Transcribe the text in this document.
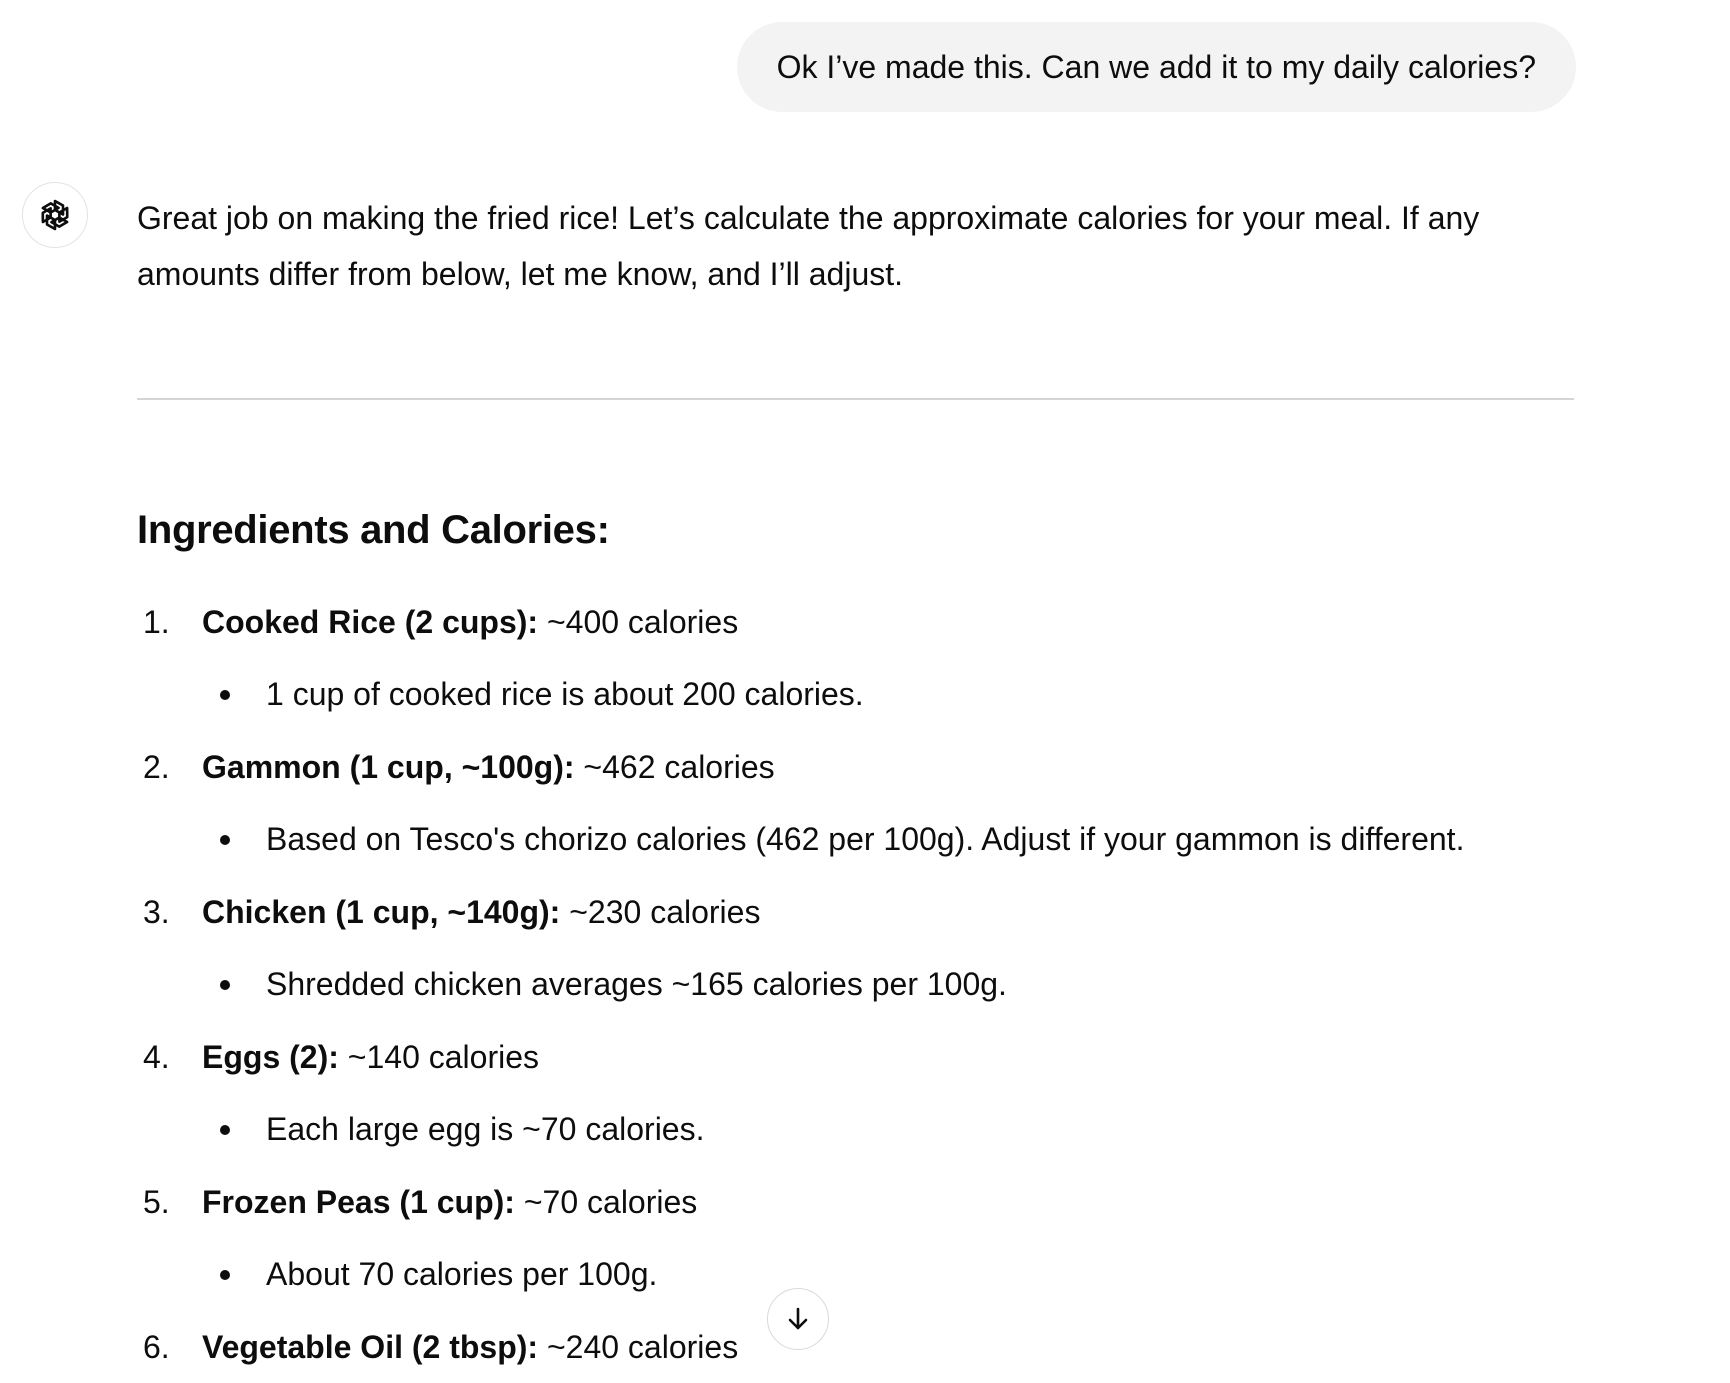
Ok I’ve made this. Can we add it to my daily calories?

Great job on making the fried rice! Let’s calculate the approximate calories for your meal. If any amounts differ from below, let me know, and I’ll adjust.

Ingredients and Calories:
1. Cooked Rice (2 cups): ~400 calories
1 cup of cooked rice is about 200 calories.
2. Gammon (1 cup, ~100g): ~462 calories
Based on Tesco's chorizo calories (462 per 100g). Adjust if your gammon is different.
3. Chicken (1 cup, ~140g): ~230 calories
Shredded chicken averages ~165 calories per 100g.
4. Eggs (2): ~140 calories
Each large egg is ~70 calories.
5. Frozen Peas (1 cup): ~70 calories
About 70 calories per 100g.
6. Vegetable Oil (2 tbsp): ~240 calories
